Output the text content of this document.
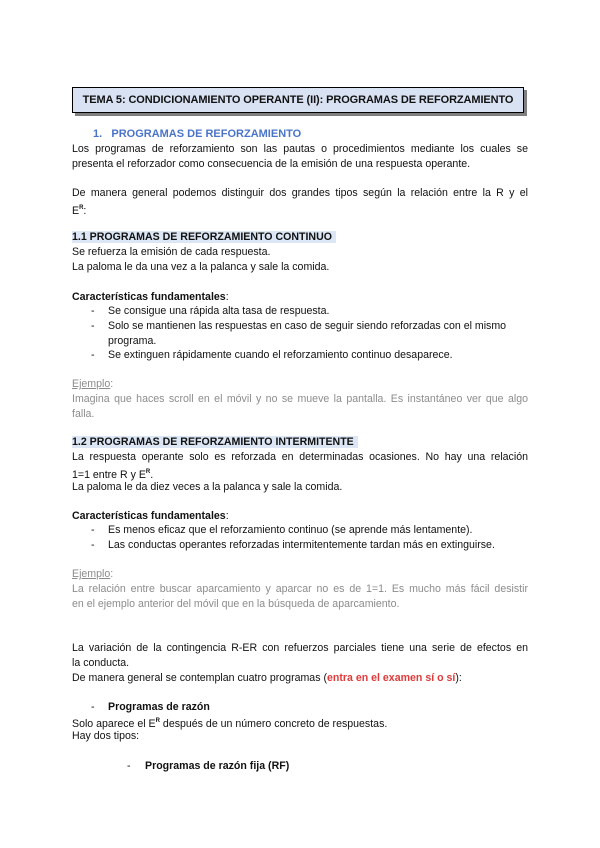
TEMA 5: CONDICIONAMIENTO OPERANTE (II): PROGRAMAS DE REFORZAMIENTO
1. PROGRAMAS DE REFORZAMIENTO
Los programas de reforzamiento son las pautas o procedimientos mediante los cuales se
presenta el reforzador como consecuencia de la emisión de una respuesta operante.
De manera general podemos distinguir dos grandes tipos según la relación entre la R y el
$E^R$:
1.1 PROGRAMAS DE REFORZAMIENTO CONTINUO
Se refuerza la emisión de cada respuesta.
La paloma le da una vez a la palanca y sale la comida.
Características fundamentales:
- Se consigue una rápida alta tasa de respuesta.
- Solo se mantienen las respuestas en caso de seguir siendo reforzadas con el mismo
programa.
- Se extinguen rápidamente cuando el reforzamiento continuo desaparece.
Ejemplo:
Imagina que haces scroll en el móvil y no se mueve la pantalla. Es instantáneo ver que algo
falla.
1.2 PROGRAMAS DE REFORZAMIENTO INTERMITENTE
La respuesta operante solo es reforzada en determinadas ocasiones. No hay una relación
1=1 entre R y $E^R$.
La paloma le da diez veces a la palanca y sale la comida.
Características fundamentales:
- Es menos eficaz que el reforzamiento continuo (se aprende más lentamente).
- Las conductas operantes reforzadas intermitentemente tardan más en extinguirse.
Ejemplo:
La relación entre buscar aparcamiento y aparcar no es de 1=1. Es mucho más fácil desistir
en el ejemplo anterior del móvil que en la búsqueda de aparcamiento.
La variación de la contingencia R-ER con refuerzos parciales tiene una serie de efectos en
la conducta.
De manera general se contemplan cuatro programas (entra en el examen sí o sí):
- Programas de razón
Solo aparece el $E^R$ después de un número concreto de respuestas.
Hay dos tipos:
- Programas de razón fija (RF)
